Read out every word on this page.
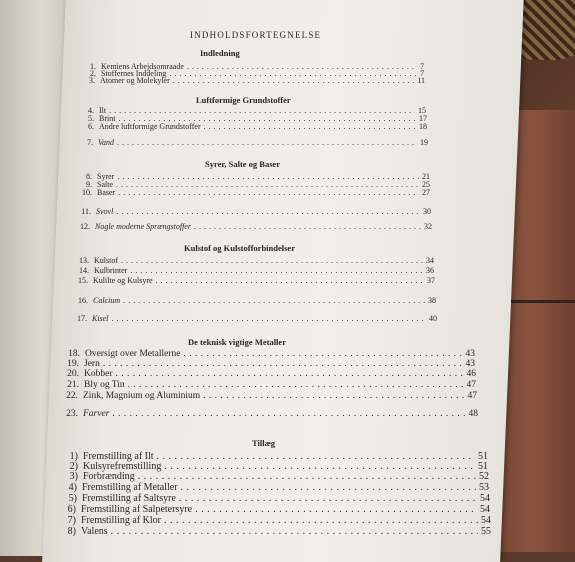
INDHOLDSFORTEGNELSE
Indledning
1. Kemiens Arbejdsomraade . . .	7
2. Stoffernes Inddeling . . .	7
3. Atomer og Molekyler . . .	11
Luftformige Grundstoffer
4. Ilt . . .	15
5. Brint . . .	17
6. Andre luftformige Grundstoffer . . .	18
7. Vand . . .	19
Syrer, Salte og Baser
8. Syrer . . .	21
9. Salte . . .	25
10. Baser . . .	27
11. Svovl . . .	30
12. Nogle moderne Sprængstoffer . . .	32
Kulstof og Kulstofforbindelser
13. Kulstof . . .	34
14. Kulbrinter . . .	36
15. Kulilte og Kulsyre . . .	37
16. Calcium . . .	38
17. Kisel . . .	40
De teknisk vigtige Metaller
18. Oversigt over Metallerne . . .	43
19. Jern . . .	43
20. Kobber . . .	46
21. Bly og Tin . . .	47
22. Zink, Magnium og Aluminium . . .	47
23. Farver . . .	48
Tillæg
1) Fremstilling af Ilt . . .	51
2) Kulsyrefremstilling . . .	51
3) Forbrænding . . .	52
4) Fremstilling af Metaller . . .	53
5) Fremstilling af Saltsyre . . .	54
6) Fremstilling af Salpetersyre . . .	54
7) Fremstilling af Klor . . .	54
8) Valens . . .	55
